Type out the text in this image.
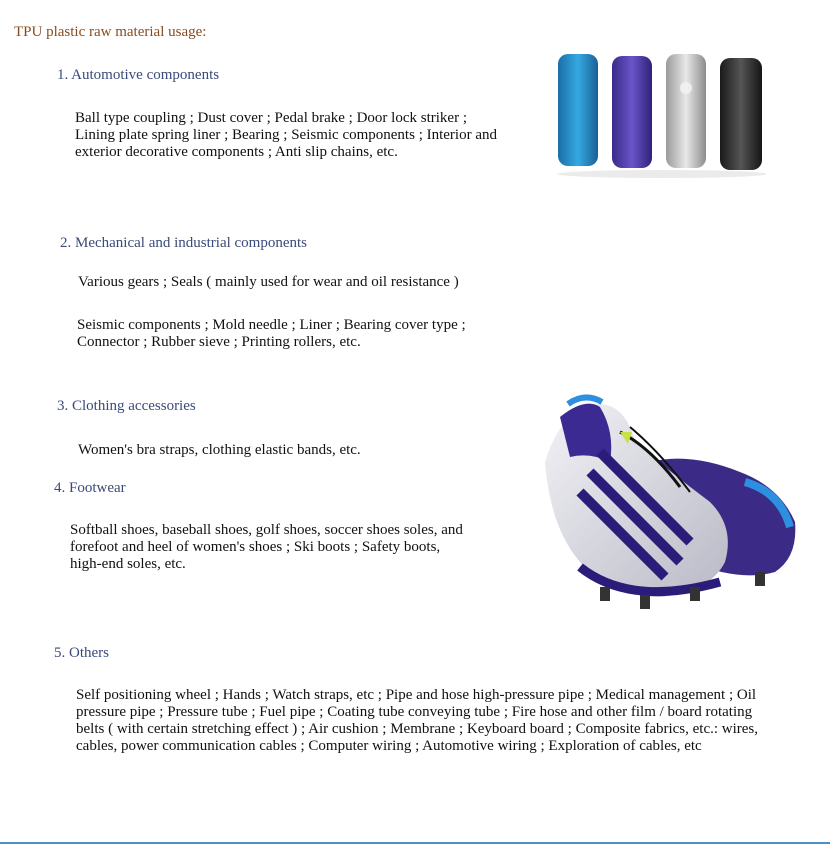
TPU plastic raw material usage:
1. Automotive components
Ball type coupling ; Dust cover ; Pedal brake ; Door lock striker ;
Lining plate spring liner ; Bearing ; Seismic components ; Interior and
exterior decorative components ; Anti slip chains, etc.
2. Mechanical and industrial components
Various gears ; Seals ( mainly used for wear and oil resistance )
Seismic components ; Mold needle ; Liner ; Bearing cover type ;
Connector ; Rubber sieve ; Printing rollers, etc.
3. Clothing accessories
Women's bra straps, clothing elastic bands, etc.
4. Footwear
Softball shoes, baseball shoes, golf shoes, soccer shoes soles, and
forefoot and heel of women's shoes ; Ski boots ; Safety boots,
high-end soles, etc.
5. Others
Self positioning wheel ; Hands ; Watch straps, etc ; Pipe and hose high-pressure pipe ; Medical management ; Oil
pressure pipe ; Pressure tube ; Fuel pipe ; Coating tube conveying tube ; Fire hose and other film / board rotating
belts ( with certain stretching effect ) ; Air cushion ; Membrane ; Keyboard board ; Composite fabrics, etc.: wires,
cables, power communication cables ; Computer wiring ; Automotive wiring ; Exploration of cables, etc
